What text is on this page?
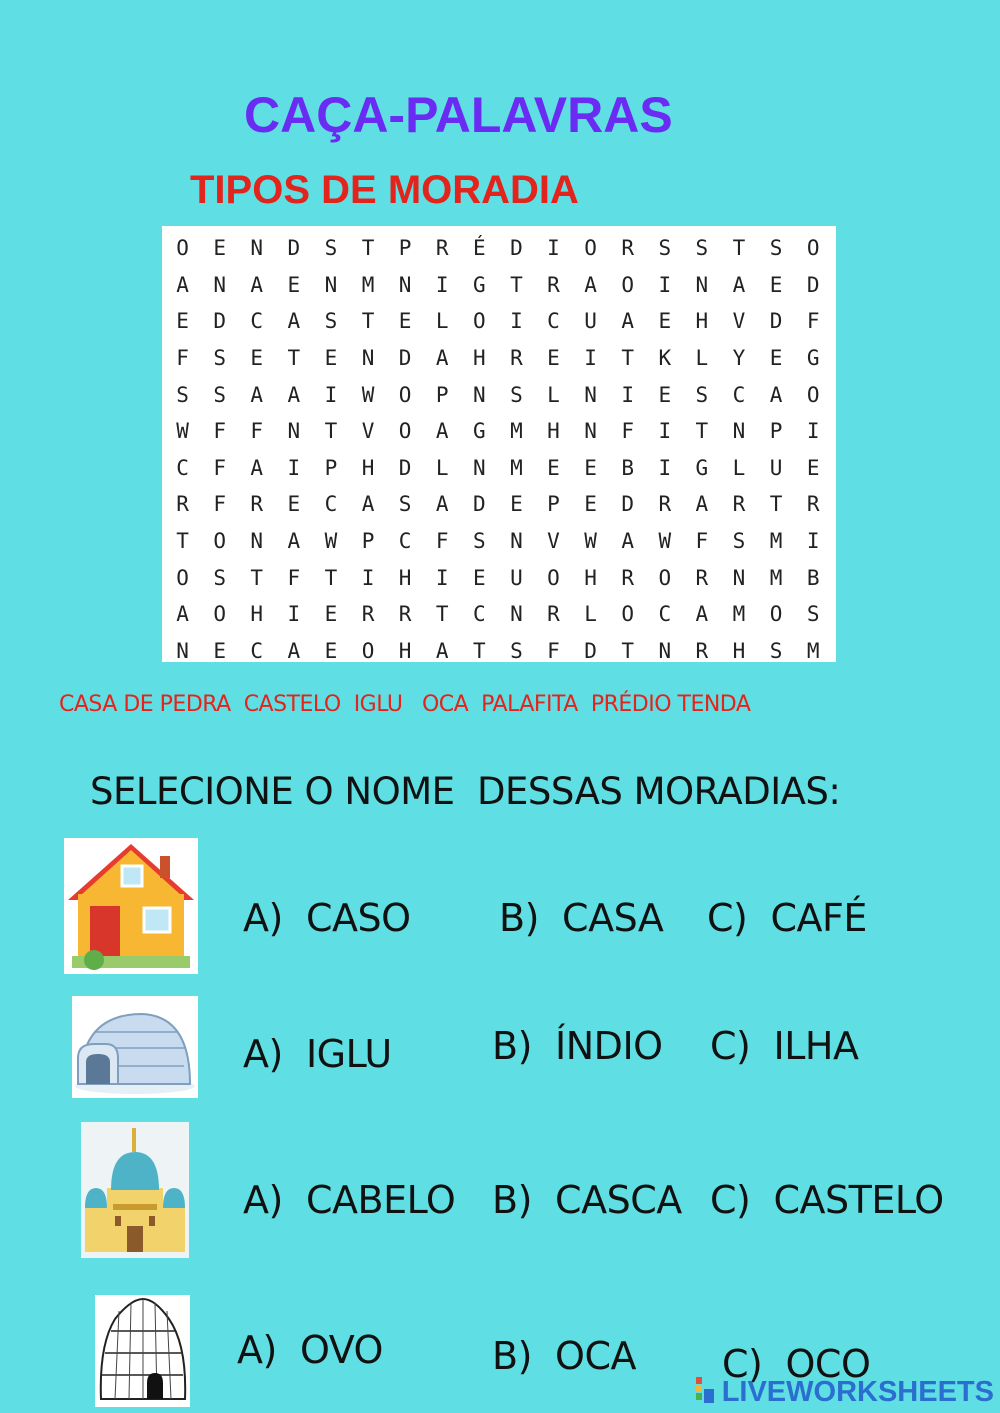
CAÇA-PALAVRAS
TIPOS DE MORADIA
O	E	N	D	S	T	P	R	É	D	I	O	R	S	S	T	S	O
A	N	A	E	N	M	N	I	G	T	R	A	O	I	N	A	E	D
E	D	C	A	S	T	E	L	O	I	C	U	A	E	H	V	D	F
F	S	E	T	E	N	D	A	H	R	E	I	T	K	L	Y	E	G
S	S	A	A	I	W	O	P	N	S	L	N	I	E	S	C	A	O
W	F	F	N	T	V	O	A	G	M	H	N	F	I	T	N	P	I
C	F	A	I	P	H	D	L	N	M	E	E	B	I	G	L	U	E
R	F	R	E	C	A	S	A	D	E	P	E	D	R	A	R	T	R
T	O	N	A	W	P	C	F	S	N	V	W	A	W	F	S	M	I
O	S	T	F	T	I	H	I	E	U	O	H	R	O	R	N	M	B
A	O	H	I	E	R	R	T	C	N	R	L	O	C	A	M	O	S
N	E	C	A	E	O	H	A	T	S	F	D	T	N	R	H	S	M
CASA DE PEDRA  CASTELO  IGLU   OCA  PALAFITA  PRÉDIO TENDA
SELECIONE O NOME  DESSAS MORADIAS:
A)  CASO B)  CASA C)  CAFÉ
A)  IGLU	B)  ÍNDIO C)  ILHA
A)  CABELO B)  CASCA C)  CASTELO
A)  OVO	B)  OCA C)  OCO
LIVEWORKSHEETS
